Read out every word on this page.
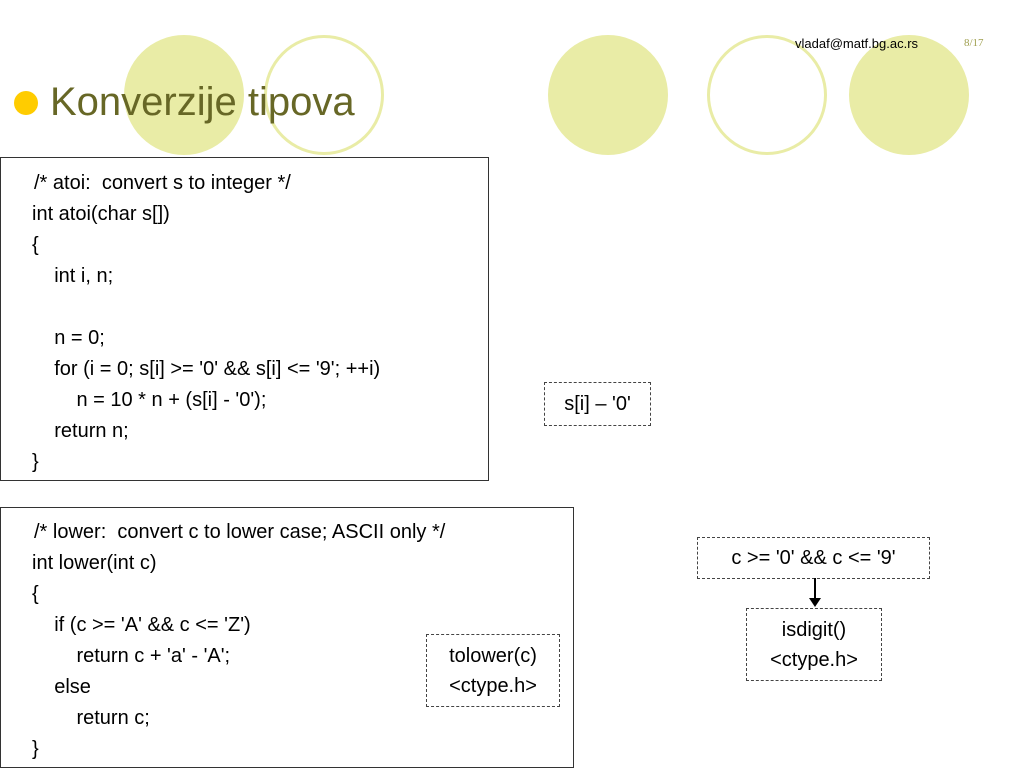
vladaf@matf.bg.ac.rs	8/17
Konverzije tipova
/* atoi:  convert s to integer */
int atoi(char s[])
{
int i, n;
n = 0;
for (i = 0; s[i] >= '0' && s[i] <= '9'; ++i)
n = 10 * n + (s[i] - '0');
return n;
}
/* lower:  convert c to lower case; ASCII only */
int lower(int c)
{
if (c >= 'A' && c <= 'Z')
return c + 'a' - 'A';
else
return c;
}
s[i] – '0'
tolower(c)
<ctype.h>
c >= '0' && c <= '9'
isdigit()
<ctype.h>
